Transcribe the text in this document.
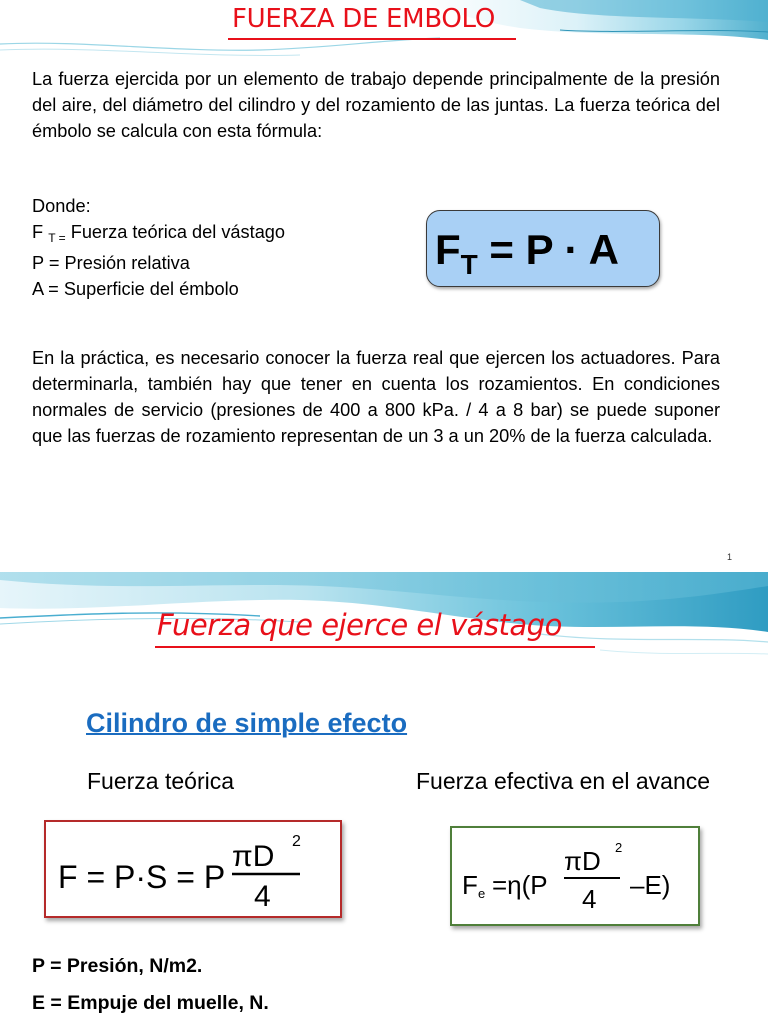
FUERZA DE EMBOLO

La fuerza ejercida por un elemento de trabajo depende principalmente de la presión del aire, del diámetro del cilindro y del rozamiento de las juntas. La fuerza teórica del émbolo se calcula con esta fórmula:

Donde:
F $_{T =}$ Fuerza teórica del vástago
P = Presión relativa
A = Superficie del émbolo
$F_T = P \cdot A$

En la práctica, es necesario conocer la fuerza real que ejercen los actuadores. Para determinarla, también hay que tener en cuenta los rozamientos. En condiciones normales de servicio (presiones de 400 a 800 kPa. / 4 a 8 bar) se puede suponer que las fuerzas de rozamiento representan de un 3 a un 20% de la fuerza calculada.

1
Fuerza que ejerce el vástago
Cilindro de simple efecto
Fuerza teórica	Fuerza efectiva en el avance
F = P·S = P
πD 2
4	F e =η(P
πD 2
4 –E)
P = Presión, N/m2.
E = Empuje del muelle, N.
